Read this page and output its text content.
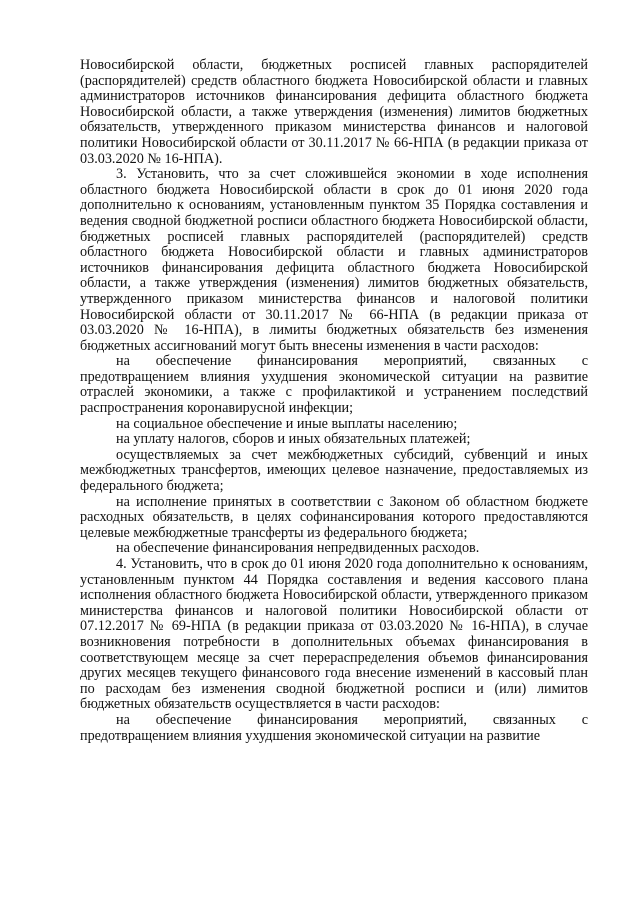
Новосибирской области, бюджетных росписей главных распорядителей (распорядителей) средств областного бюджета Новосибирской области и главных администраторов источников финансирования дефицита областного бюджета Новосибирской области, а также утверждения (изменения) лимитов бюджетных обязательств, утвержденного приказом министерства финансов и налоговой политики Новосибирской области от 30.11.2017 № 66-НПА (в редакции приказа от 03.03.2020 № 16-НПА).

3. Установить, что за счет сложившейся экономии в ходе исполнения областного бюджета Новосибирской области в срок до 01 июня 2020 года дополнительно к основаниям, установленным пунктом 35 Порядка составления и ведения сводной бюджетной росписи областного бюджета Новосибирской области, бюджетных росписей главных распорядителей (распорядителей) средств областного бюджета Новосибирской области и главных администраторов источников финансирования дефицита областного бюджета Новосибирской области, а также утверждения (изменения) лимитов бюджетных обязательств, утвержденного приказом министерства финансов и налоговой политики Новосибирской области от 30.11.2017 № 66-НПА (в редакции приказа от 03.03.2020 № 16-НПА), в лимиты бюджетных обязательств без изменения бюджетных ассигнований могут быть внесены изменения в части расходов:

на обеспечение финансирования мероприятий, связанных с предотвращением влияния ухудшения экономической ситуации на развитие отраслей экономики, а также с профилактикой и устранением последствий распространения коронавирусной инфекции;

на социальное обеспечение и иные выплаты населению;

на уплату налогов, сборов и иных обязательных платежей;

осуществляемых за счет межбюджетных субсидий, субвенций и иных межбюджетных трансфертов, имеющих целевое назначение, предоставляемых из федерального бюджета;

на исполнение принятых в соответствии с Законом об областном бюджете расходных обязательств, в целях софинансирования которого предоставляются целевые межбюджетные трансферты из федерального бюджета;

на обеспечение финансирования непредвиденных расходов.

4. Установить, что в срок до 01 июня 2020 года дополнительно к основаниям, установленным пунктом 44 Порядка составления и ведения кассового плана исполнения областного бюджета Новосибирской области, утвержденного приказом министерства финансов и налоговой политики Новосибирской области от 07.12.2017 № 69-НПА (в редакции приказа от 03.03.2020 № 16-НПА), в случае возникновения потребности в дополнительных объемах финансирования в соответствующем месяце за счет перераспределения объемов финансирования других месяцев текущего финансового года внесение изменений в кассовый план по расходам без изменения сводной бюджетной росписи и (или) лимитов бюджетных обязательств осуществляется в части расходов:

на обеспечение финансирования мероприятий, связанных с предотвращением влияния ухудшения экономической ситуации на развитие
